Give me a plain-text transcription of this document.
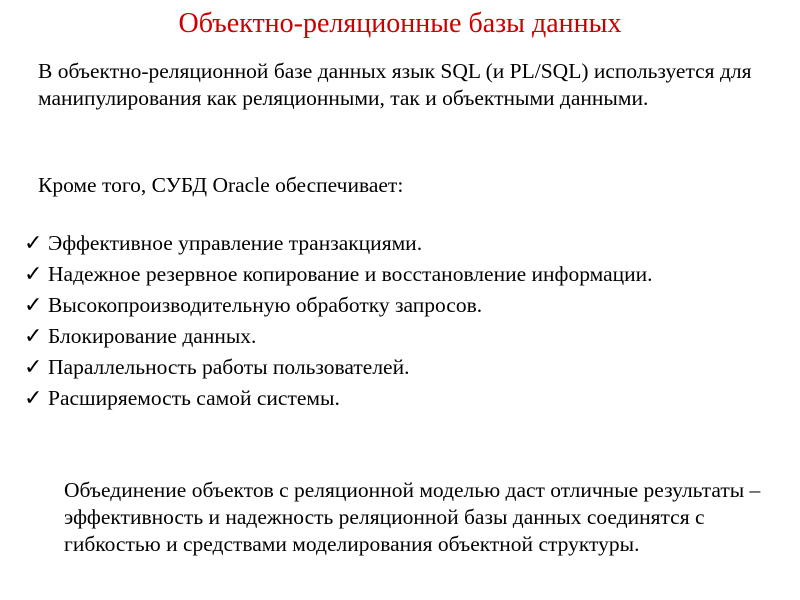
Объектно-реляционные базы данных

В объектно-реляционной базе данных язык SQL (и PL/SQL) используется для манипулирования как реляционными, так и объектными данными.

Кроме того, СУБД Oracle обеспечивает:

✓ Эффективное управление транзакциями.
✓ Надежное резервное копирование и восстановление информации.
✓ Высокопроизводительную обработку запросов.
✓ Блокирование данных.
✓ Параллельность работы пользователей.
✓ Расширяемость самой системы.

Объединение объектов с реляционной моделью даст отличные результаты – эффективность и надежность реляционной базы данных соединятся с гибкостью и средствами моделирования объектной структуры.
